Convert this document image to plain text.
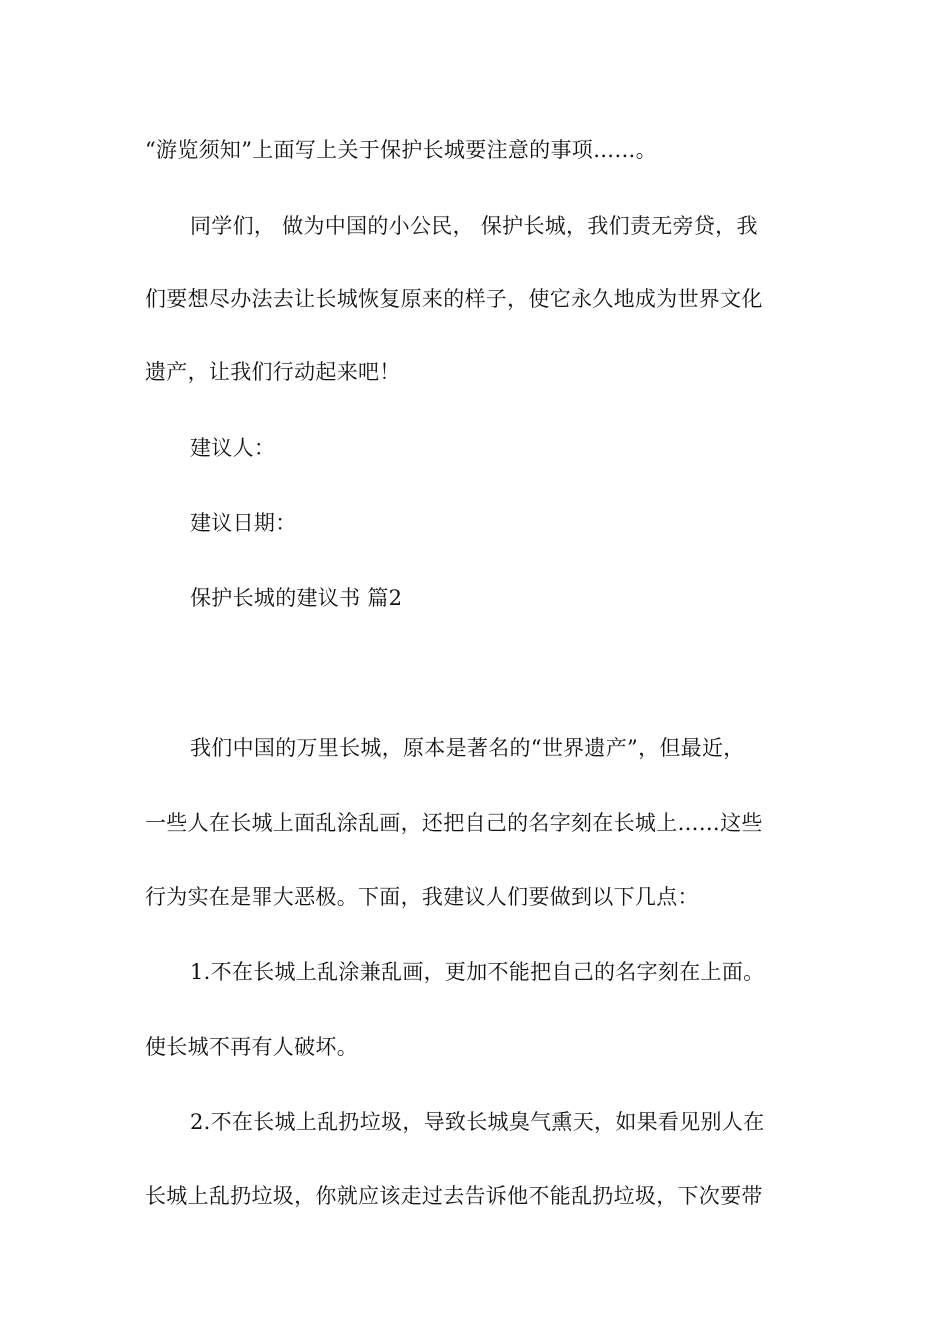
“游览须知”上面写上关于保护长城要注意的事项……。
同学们， 做为中国的小公民， 保护长城，我们责无旁贷，我
们要想尽办法去让长城恢复原来的样子，使它永久地成为世界文化
遗产，让我们行动起来吧！
建议人：
建议日期：
保护长城的建议书 篇2
我们中国的万里长城，原本是著名的“世界遗产”，但最近，
一些人在长城上面乱涂乱画，还把自己的名字刻在长城上……这些
行为实在是罪大恶极。下面，我建议人们要做到以下几点：
1.不在长城上乱涂兼乱画，更加不能把自己的名字刻在上面。
使长城不再有人破坏。
2.不在长城上乱扔垃圾，导致长城臭气熏天，如果看见别人在
长城上乱扔垃圾，你就应该走过去告诉他不能乱扔垃圾，下次要带
